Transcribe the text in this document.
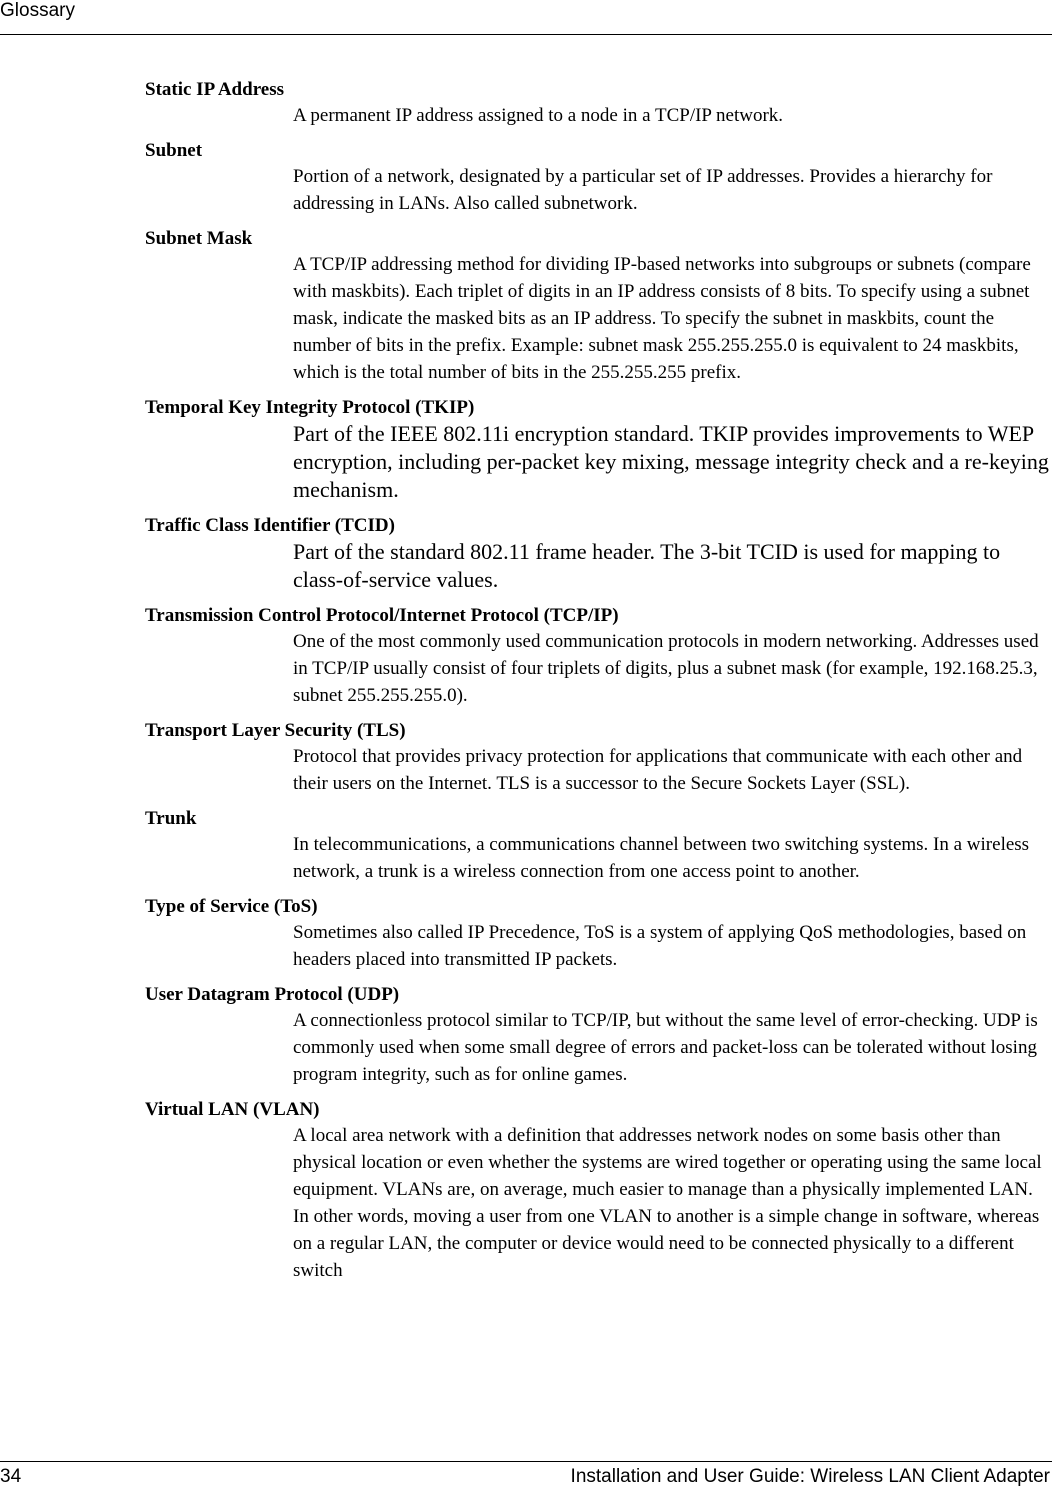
Glossary
Static IP Address
A permanent IP address assigned to a node in a TCP/IP network.
Subnet
Portion of a network, designated by a particular set of IP addresses. Provides a hierarchy for addressing in LANs. Also called subnetwork.
Subnet Mask
A TCP/IP addressing method for dividing IP-based networks into subgroups or subnets (compare with maskbits). Each triplet of digits in an IP address consists of 8 bits. To specify using a subnet mask, indicate the masked bits as an IP address. To specify the subnet in maskbits, count the number of bits in the prefix. Example: subnet mask 255.255.255.0 is equivalent to 24 maskbits, which is the total number of bits in the 255.255.255 prefix.
Temporal Key Integrity Protocol (TKIP)
Part of the IEEE 802.11i encryption standard. TKIP provides improvements to WEP encryption, including per-packet key mixing, message integrity check and a re-keying mechanism.
Traffic Class Identifier (TCID)
Part of the standard 802.11 frame header. The 3-bit TCID is used for mapping to class-of-service values.
Transmission Control Protocol/Internet Protocol (TCP/IP)
One of the most commonly used communication protocols in modern networking. Addresses used in TCP/IP usually consist of four triplets of digits, plus a subnet mask (for example, 192.168.25.3, subnet 255.255.255.0).
Transport Layer Security (TLS)
Protocol that provides privacy protection for applications that communicate with each other and their users on the Internet. TLS is a successor to the Secure Sockets Layer (SSL).
Trunk
In telecommunications, a communications channel between two switching systems. In a wireless network, a trunk is a wireless connection from one access point to another.
Type of Service (ToS)
Sometimes also called IP Precedence, ToS is a system of applying QoS methodologies, based on headers placed into transmitted IP packets.
User Datagram Protocol (UDP)
A connectionless protocol similar to TCP/IP, but without the same level of error-checking. UDP is commonly used when some small degree of errors and packet-loss can be tolerated without losing program integrity, such as for online games.
Virtual LAN (VLAN)
A local area network with a definition that addresses network nodes on some basis other than physical location or even whether the systems are wired together or operating using the same local equipment. VLANs are, on average, much easier to manage than a physically implemented LAN. In other words, moving a user from one VLAN to another is a simple change in software, whereas on a regular LAN, the computer or device would need to be connected physically to a different switch
34	Installation and User Guide: Wireless LAN Client Adapter
